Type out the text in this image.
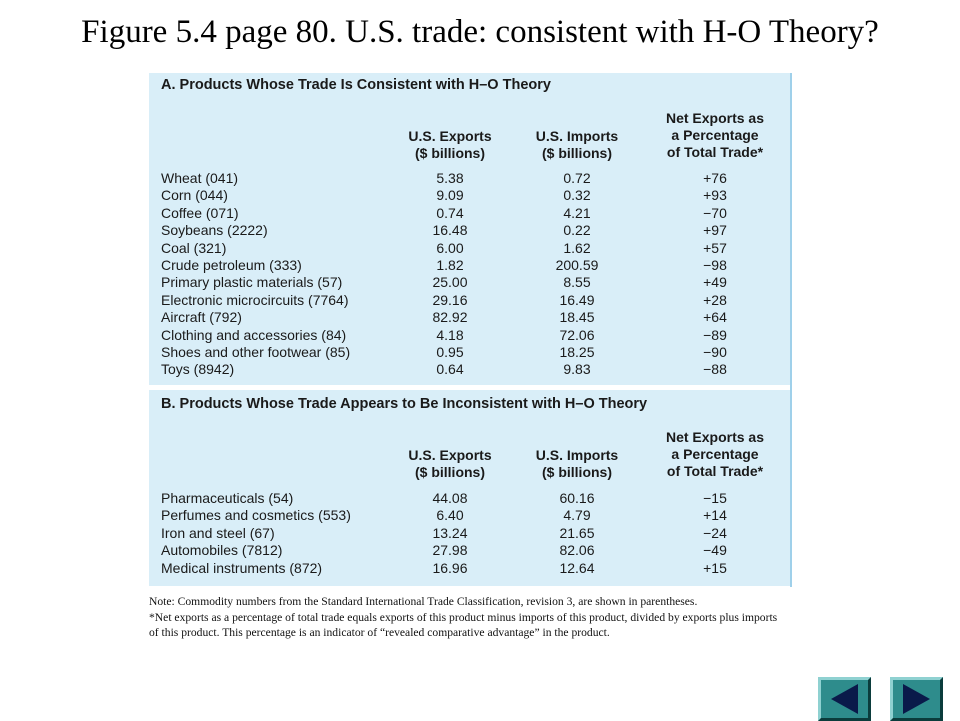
Figure 5.4 page 80. U.S. trade: consistent with H-O Theory?
A. Products Whose Trade Is Consistent with H–O Theory
U.S. Exports
($ billions)
U.S. Imports
($ billions)
Net Exports as
a Percentage
of Total Trade*
Wheat (041)	5.38	0.72	+76
Corn (044)	9.09	0.32	+93
Coffee (071)	0.74	4.21	−70
Soybeans (2222)	16.48	0.22	+97
Coal (321)	6.00	1.62	+57
Crude petroleum (333)	1.82	200.59	−98
Primary plastic materials (57)	25.00	8.55	+49
Electronic microcircuits (7764)	29.16	16.49	+28
Aircraft (792)	82.92	18.45	+64
Clothing and accessories (84)	4.18	72.06	−89
Shoes and other footwear (85)	0.95	18.25	−90
Toys (8942)	0.64	9.83	−88
B. Products Whose Trade Appears to Be Inconsistent with H–O Theory
U.S. Exports
($ billions)
U.S. Imports
($ billions)
Net Exports as
a Percentage
of Total Trade*
Pharmaceuticals (54)	44.08	60.16	−15
Perfumes and cosmetics (553)	6.40	4.79	+14
Iron and steel (67)	13.24	21.65	−24
Automobiles (7812)	27.98	82.06	−49
Medical instruments (872)	16.96	12.64	+15
Note: Commodity numbers from the Standard International Trade Classification, revision 3, are shown in parentheses.
*Net exports as a percentage of total trade equals exports of this product minus imports of this product, divided by exports plus imports of this product. This percentage is an indicator of “revealed comparative advantage” in the product.
